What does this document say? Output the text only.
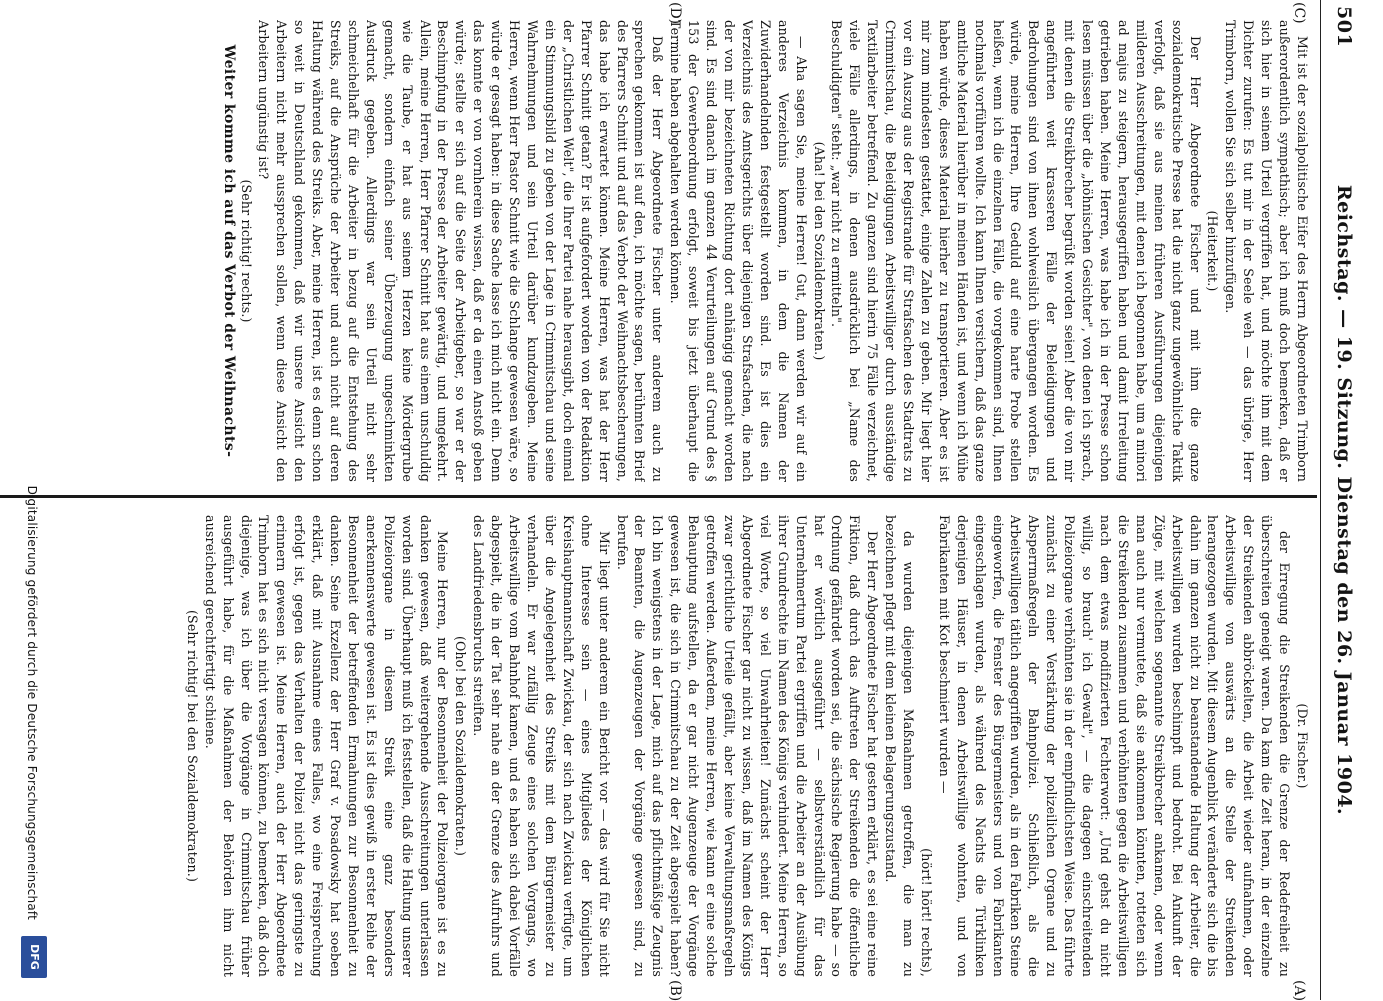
501
Reichstag. — 19. Sitzung. Dienstag den 26. Januar 1904.
(C)
(D)
(A)
(B)

(Dr. Fischer.)

der Erregung die Streikenden die Grenze der Redefreiheit zu überschreiten geneigt waren. Da kam die Zeit heran, in der einzelne der Streikenden abbröckelten, die Arbeit wieder aufnahmen, oder Arbeitswillige von auswärts an die Stelle der Streikenden herangezogen wurden. Mit diesem Augenblick veränderte sich die bis dahin im ganzen nicht zu beanstandende Haltung der Arbeiter, die Arbeitswilligen wurden beschimpft und bedroht. Bei Ankunft der Züge, mit welchen sogenannte Streikbrecher ankamen, oder wenn man auch nur vermutete, daß sie ankommen könnten, rotteten sich die Streikenden zusammen und verhöhnten gegen die Arbeitswilligen nach dem etwas modifizierten Fechterwort: „Und gehst du nicht willig, so brauch' ich Gewalt", — die dagegen einschreitenden Polizeiorgane verhöhnten sie in der empfindlichsten Weise. Das führte zunächst zu einer Verstärkung der polizeilichen Organe und zu Absperrmaßregeln der Bahnpolizei. Schließlich, als die Arbeitswilligen tätlich angegriffen wurden, als in den Fabriken Steine eingeworfen, die Fenster des Bürgermeisters und von Fabrikanten eingeschlagen wurden, als während des Nachts die Türklinken derjenigen Häuser, in denen Arbeitswillige wohnten, und von Fabrikanten mit Kot beschmiert wurden —

(hört! hört! rechts),

da wurden diejenigen Maßnahmen getroffen, die man zu bezeichnen pflegt mit dem kleinen Belagerungszustand.

Der Herr Abgeordnete Fischer hat gestern erklärt, es sei eine reine Fiktion, daß durch das Auftreten der Streikenden die öffentliche Ordnung gefährdet worden sei, die sächsische Regierung habe — so hat er wörtlich ausgeführt — selbstverständlich für das Unternehmertum Partei ergriffen und die Arbeiter an der Ausübung ihrer Grundrechte im Namen des Königs verhindert. Meine Herren, so viel Worte, so viel Unwahrheiten! Zunächst scheint der Herr Abgeordnete Fischer gar nicht zu wissen, daß im Namen des Königs zwar gerichtliche Urteile gefällt, aber keine Verwaltungsmaßregeln getroffen werden. Außerdem, meine Herren, wie kann er eine solche Behauptung aufstellen, da er gar nicht Augenzeuge der Vorgänge gewesen ist, die sich in Crimmitschau zu der Zeit abgespielt haben? Ich bin wenigstens in der Lage, mich auf das pflichtmäßige Zeugnis der Beamten, die Augenzeugen der Vorgänge gewesen sind, zu berufen.

Mir liegt unter anderem ein Bericht vor — das wird für Sie nicht ohne Interesse sein — eines Mitgliedes der Königlichen Kreishauptmannschaft Zwickau, der sich nach Zwickau verfügte, um über die Angelegenheit des Streiks mit dem Bürgermeister zu verhandeln. Er war zufällig Zeuge eines solchen Vorgangs, wo Arbeitswillige vom Bahnhof kamen, und es haben sich dabei Vorfälle abgespielt, die in der Tat sehr nahe an der Grenze des Aufruhrs und des Landfriedensbruchs streiften.

(Oho! bei den Sozialdemokraten.)

Meine Herren, nur der Besonnenheit der Polizeiorgane ist es zu danken gewesen, daß weitergehende Ausschreitungen unterlassen worden sind. Überhaupt muß ich feststellen, daß die Haltung unserer Polizeiorgane in diesem Streik eine ganz besonders anerkennenswerte gewesen ist. Es ist dies gewiß in erster Reihe der Besonnenheit der betreffenden Ermahnungen zur Besonnenheit zu danken. Seine Exzellenz der Herr Graf v. Posadowsky hat soeben erklärt, daß mit Ausnahme eines Falles, wo eine Freisprechung erfolgt ist, gegen das Verhalten der Polizei nicht das geringste zu erinnern gewesen ist. Meine Herren, auch der Herr Abgeordnete Trimborn hat es sich nicht versagen können, zu bemerken, daß doch diejenige, was ich über die Vorgänge in Crimmitschau früher ausgeführt habe, für die Maßnahmen der Behörden ihm nicht ausreichend gerechtfertigt schiene.

(Sehr richtig! bei den Sozialdemokraten.)

Mit ist der sozialpolitische Eifer des Herrn Abgeordneten Trimborn außerordentlich sympathisch; aber ich muß doch bemerken, daß er sich hier in seinem Urteil vergriffen hat, und möchte ihm mit dem Dichter zurufen: Es tut mir in der Seele weh — das übrige, Herr Trimborn, wollen Sie sich selber hinzufügen.

(Heiterkeit.)

Der Herr Abgeordnete Fischer und mit ihm die ganze sozialdemokratische Presse hat die nicht ganz ungewöhnliche Taktik verfolgt, daß sie aus meinen früheren Ausführungen diejenigen milderen Ausschreitungen, mit denen ich begonnen habe, um a minori ad majus zu steigern, herausgegriffen haben und damit Irreleitung getrieben haben. Meine Herren, was habe ich in der Presse schon lesen müssen über die „höhnischen Gesichter", von denen ich sprach, mit denen die Streikbrecher begrüßt worden seien! Aber die von mir angeführten weit krasseren Fälle der Beleidigungen und Bedrohungen sind von ihnen wohlweislich übergangen worden. Es würde, meine Herren, Ihre Geduld auf eine harte Probe stellen heißen, wenn ich die einzelnen Fälle, die vorgekommen sind, Ihnen nochmals vorführen wollte. Ich kann Ihnen versichern, daß das ganze amtliche Material hierüber in meinen Händen ist, und wenn ich Mühe haben würde, dieses Material hierher zu transportieren. Aber es ist mir zum mindesten gestattet, einige Zahlen zu geben. Mir liegt hier vor ein Auszug aus der Registrande für Strafsachen des Stadtrats zu Crimmitschau, die Beleidigungen Arbeitswilliger durch ausständige Textilarbeiter betreffend. Zu ganzen sind hierin 75 Fälle verzeichnet, viele Fälle allerdings, in denen ausdrücklich bei „Name des Beschuldigten" steht: „war nicht zu ermitteln".

(Aha! bei den Sozialdemokraten.)

— Aha sagen Sie, meine Herren! Gut, dann werden wir auf ein anderes Verzeichnis kommen, in dem die Namen der Zuwiderhandelnden festgestellt worden sind. Es ist dies ein Verzeichnis des Amtsgerichts über diejenigen Strafsachen, die nach der von mir bezeichneten Richtung dort anhängig gemacht worden sind. Es sind danach im ganzen 44 Verurteilungen auf Grund des § 153 der Gewerbeordnung erfolgt, soweit bis jetzt überhaupt die Termine haben abgehalten werden können.

Daß der Herr Abgeordnete Fischer unter anderem auch zu sprechen gekommen ist auf den, ich möchte sagen, berühmten Brief des Pfarrers Schnitt und auf das Verbot der Weihnachtsbescherungen, das habe ich erwartet können. Meine Herren, was hat der Herr Pfarrer Schnitt getan? Er ist aufgefordert worden von der Redaktion der „Christlichen Welt", die Ihrer Partei nahe herausgibt, doch einmal ein Stimmungsbild zu geben von der Lage in Crimmitschau und seine Wahrnehmungen und sein Urteil darüber kundzugeben. Meine Herren, wenn Herr Pastor Schnitt wie die Schlange gewesen wäre, so würde er gesagt haben: in diese Sache lasse ich mich nicht ein. Denn das konnte er von vornherein wissen, daß er da einen Anstoß geben würde; stellte er sich auf die Seite der Arbeitgeber, so war er der Beschimpfung in der Presse der Arbeiter gewärtig, und umgekehrt. Allein, meine Herren, Herr Pfarrer Schnitt hat aus einem unschuldig wie die Taube, er hat aus seinem Herzen keine Mördergrube gemacht, sondern einfach seiner Überzeugung ungeschminkten Ausdruck gegeben. Allerdings war sein Urteil nicht sehr schmeichelhaft für die Arbeiter in bezug auf die Entstehung des Streiks, auf die Ansprüche der Arbeiter und auch nicht auf deren Haltung während des Streiks. Aber, meine Herren, ist es denn schon so weit in Deutschland gekommen, daß wir unsere Ansicht den Arbeitern nicht mehr aussprechen sollen, wenn diese Ansicht den Arbeitern ungünstig ist?

(Sehr richtig! rechts.)

Weiter komme ich auf das Verbot der Weihnachts-

Digitalisierung gefördert durch die Deutsche Forschungsgemeinschaft
DFG
